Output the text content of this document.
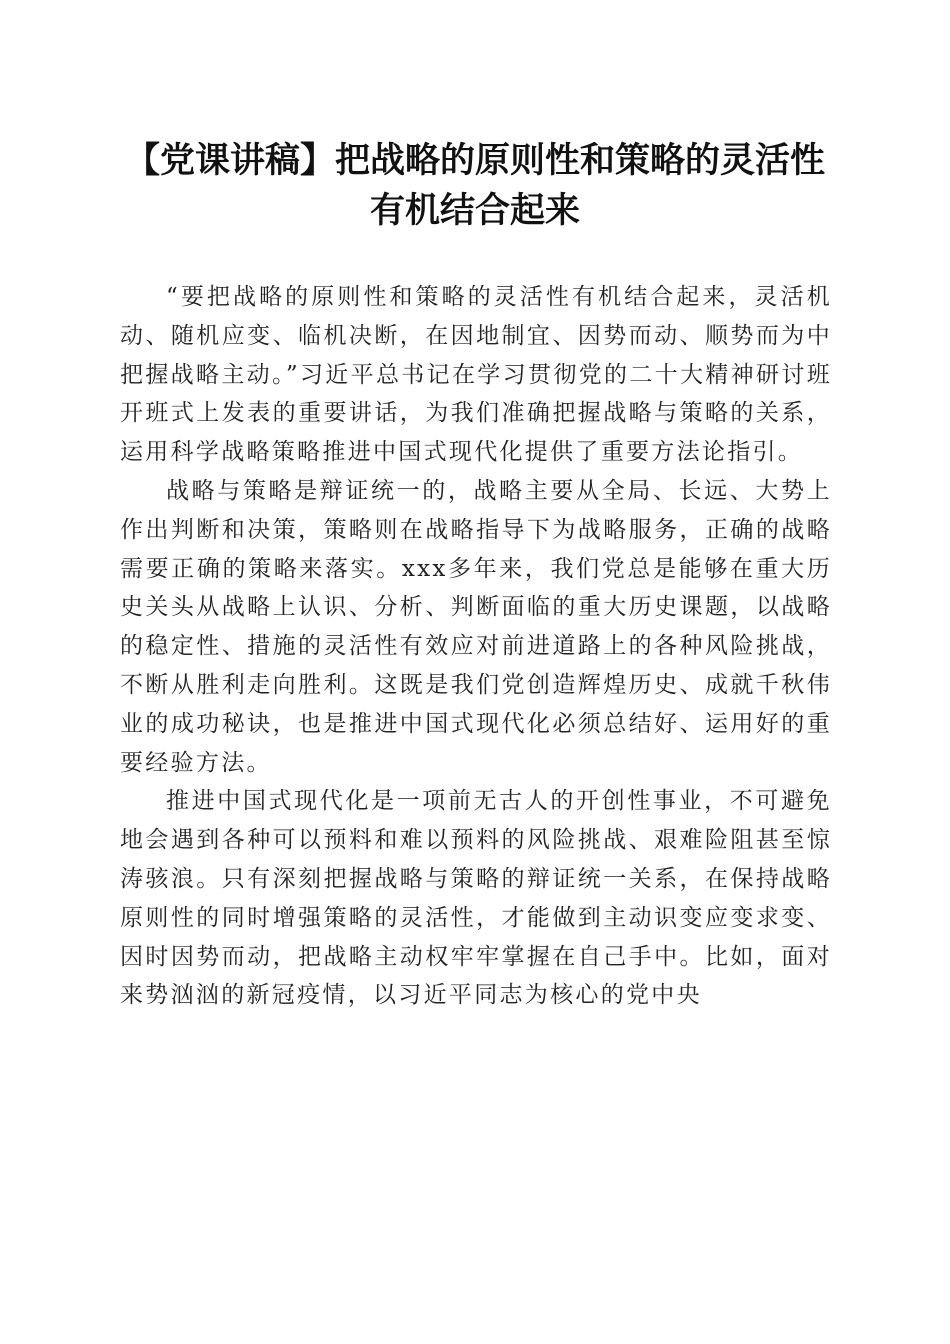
【党课讲稿】把战略的原则性和策略的灵活性
有机结合起来

“要把战略的原则性和策略的灵活性有机结合起来，灵活机动、随机应变、临机决断，在因地制宜、因势而动、顺势而为中把握战略主动。”习近平总书记在学习贯彻党的二十大精神研讨班开班式上发表的重要讲话，为我们准确把握战略与策略的关系，运用科学战略策略推进中国式现代化提供了重要方法论指引。

战略与策略是辩证统一的，战略主要从全局、长远、大势上作出判断和决策，策略则在战略指导下为战略服务，正确的战略需要正确的策略来落实。xxx多年来，我们党总是能够在重大历史关头从战略上认识、分析、判断面临的重大历史课题，以战略的稳定性、措施的灵活性有效应对前进道路上的各种风险挑战，不断从胜利走向胜利。这既是我们党创造辉煌历史、成就千秋伟业的成功秘诀，也是推进中国式现代化必须总结好、运用好的重要经验方法。

推进中国式现代化是一项前无古人的开创性事业，不可避免地会遇到各种可以预料和难以预料的风险挑战、艰难险阻甚至惊涛骇浪。只有深刻把握战略与策略的辩证统一关系，在保持战略原则性的同时增强策略的灵活性，才能做到主动识变应变求变、因时因势而动，把战略主动权牢牢掌握在自己手中。比如，面对来势汹汹的新冠疫情，以习近平同志为核心的党中央
